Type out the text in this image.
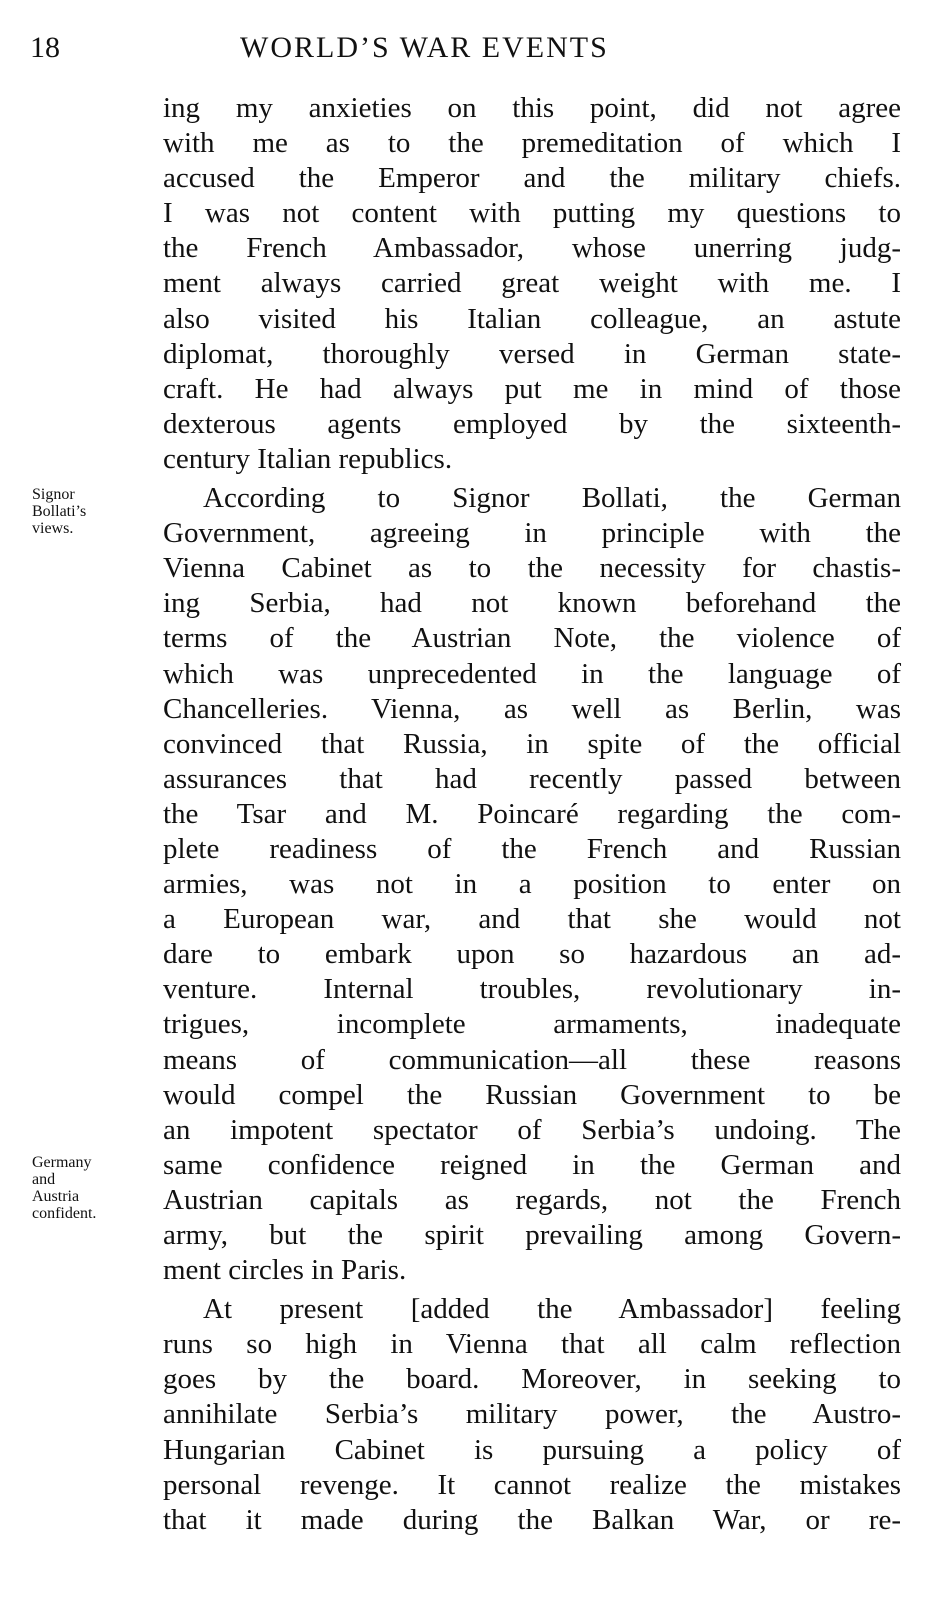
18	WORLD’S WAR EVENTS
Signor
Bollati’s
views.
Germany
and
Austria
confident.
ing my anxieties on this point, did not agree
with me as to the premeditation of which I
accused the Emperor and the military chiefs.
I was not content with putting my questions to
the French Ambassador, whose unerring judg-
ment always carried great weight with me. I
also visited his Italian colleague, an astute
diplomat, thoroughly versed in German state-
craft. He had always put me in mind of those
dexterous agents employed by the sixteenth-
century Italian republics.
According to Signor Bollati, the German
Government, agreeing in principle with the
Vienna Cabinet as to the necessity for chastis-
ing Serbia, had not known beforehand the
terms of the Austrian Note, the violence of
which was unprecedented in the language of
Chancelleries. Vienna, as well as Berlin, was
convinced that Russia, in spite of the official
assurances that had recently passed between
the Tsar and M. Poincaré regarding the com-
plete readiness of the French and Russian
armies, was not in a position to enter on
a European war, and that she would not
dare to embark upon so hazardous an ad-
venture. Internal troubles, revolutionary in-
trigues, incomplete armaments, inadequate
means of communication—all these reasons
would compel the Russian Government to be
an impotent spectator of Serbia’s undoing. The
same confidence reigned in the German and
Austrian capitals as regards, not the French
army, but the spirit prevailing among Govern-
ment circles in Paris.
At present [added the Ambassador] feeling
runs so high in Vienna that all calm reflection
goes by the board. Moreover, in seeking to
annihilate Serbia’s military power, the Austro-
Hungarian Cabinet is pursuing a policy of
personal revenge. It cannot realize the mistakes
that it made during the Balkan War, or re-
